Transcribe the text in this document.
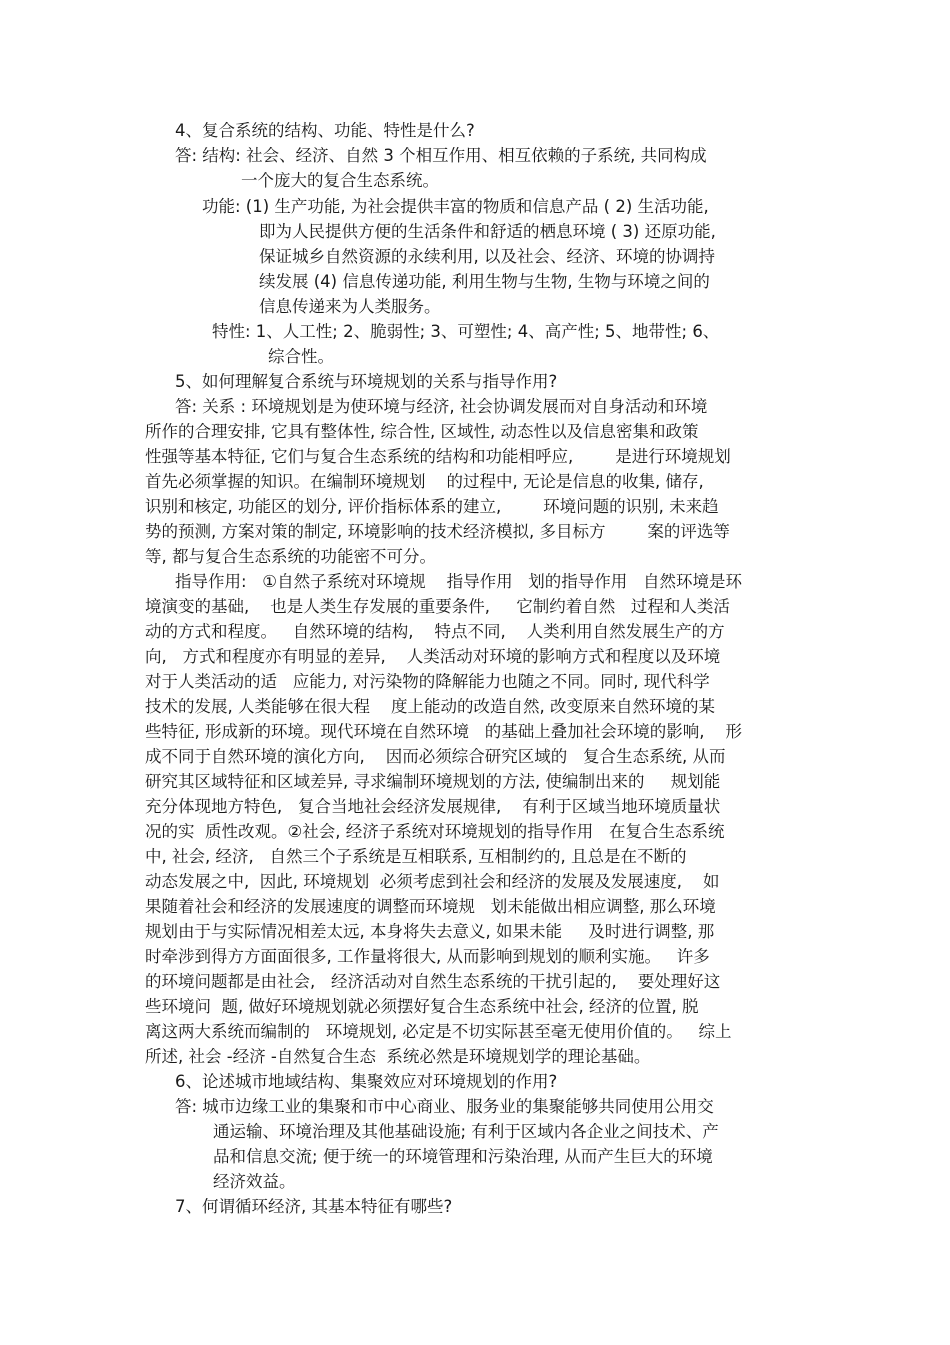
4、复合系统的结构、功能、特性是什么?

答: 结构: 社会、经济、自然 3 个相互作用、相互依赖的子系统, 共同构成

一个庞大的复合生态系统。

功能: (1) 生产功能, 为社会提供丰富的物质和信息产品 ( 2) 生活功能,

即为人民提供方便的生活条件和舒适的栖息环境 ( 3) 还原功能,

保证城乡自然资源的永续利用, 以及社会、经济、环境的协调持

续发展 (4) 信息传递功能, 利用生物与生物, 生物与环境之间的

信息传递来为人类服务。

特性: 1、人工性; 2、脆弱性; 3、可塑性; 4、高产性; 5、地带性; 6、

综合性。

5、如何理解复合系统与环境规划的关系与指导作用?

答: 关系 : 环境规划是为使环境与经济, 社会协调发展而对自身活动和环境

所作的合理安排, 它具有整体性, 综合性, 区域性, 动态性以及信息密集和政策

性强等基本特征, 它们与复合生态系统的结构和功能相呼应,        是进行环境规划

首先必须掌握的知识。在编制环境规划    的过程中, 无论是信息的收集, 储存,

识别和核定, 功能区的划分, 评价指标体系的建立,        环境问题的识别, 未来趋

势的预测, 方案对策的制定, 环境影响的技术经济模拟, 多目标方        案的评选等

等, 都与复合生态系统的功能密不可分。

指导作用:   ①自然子系统对环境规    指导作用   划的指导作用   自然环境是环

境演变的基础,    也是人类生存发展的重要条件,     它制约着自然   过程和人类活

动的方式和程度。   自然环境的结构,    特点不同,    人类利用自然发展生产的方

向,   方式和程度亦有明显的差异,    人类活动对环境的影响方式和程度以及环境

对于人类活动的适   应能力, 对污染物的降解能力也随之不同。同时, 现代科学

技术的发展, 人类能够在很大程    度上能动的改造自然, 改变原来自然环境的某

些特征, 形成新的环境。现代环境在自然环境   的基础上叠加社会环境的影响,    形

成不同于自然环境的演化方向,    因而必须综合研究区域的   复合生态系统, 从而

研究其区域特征和区域差异, 寻求编制环境规划的方法, 使编制出来的     规划能

充分体现地方特色,   复合当地社会经济发展规律,    有利于区域当地环境质量状

况的实  质性改观。②社会, 经济子系统对环境规划的指导作用   在复合生态系统

中, 社会, 经济,   自然三个子系统是互相联系, 互相制约的, 且总是在不断的

动态发展之中,  因此, 环境规划  必须考虑到社会和经济的发展及发展速度,    如

果随着社会和经济的发展速度的调整而环境规   划未能做出相应调整, 那么环境

规划由于与实际情况相差太远, 本身将失去意义, 如果未能     及时进行调整, 那

时牵涉到得方方面面很多, 工作量将很大, 从而影响到规划的顺利实施。   许多

的环境问题都是由社会,   经济活动对自然生态系统的干扰引起的,    要处理好这

些环境问  题, 做好环境规划就必须摆好复合生态系统中社会, 经济的位置, 脱

离这两大系统而编制的   环境规划, 必定是不切实际甚至毫无使用价值的。   综上

所述, 社会 -经济 -自然复合生态  系统必然是环境规划学的理论基础。

6、论述城市地域结构、集聚效应对环境规划的作用?

答: 城市边缘工业的集聚和市中心商业、服务业的集聚能够共同使用公用交

通运输、环境治理及其他基础设施; 有利于区域内各企业之间技术、产

品和信息交流; 便于统一的环境管理和污染治理, 从而产生巨大的环境

经济效益。

7、何谓循环经济, 其基本特征有哪些?
